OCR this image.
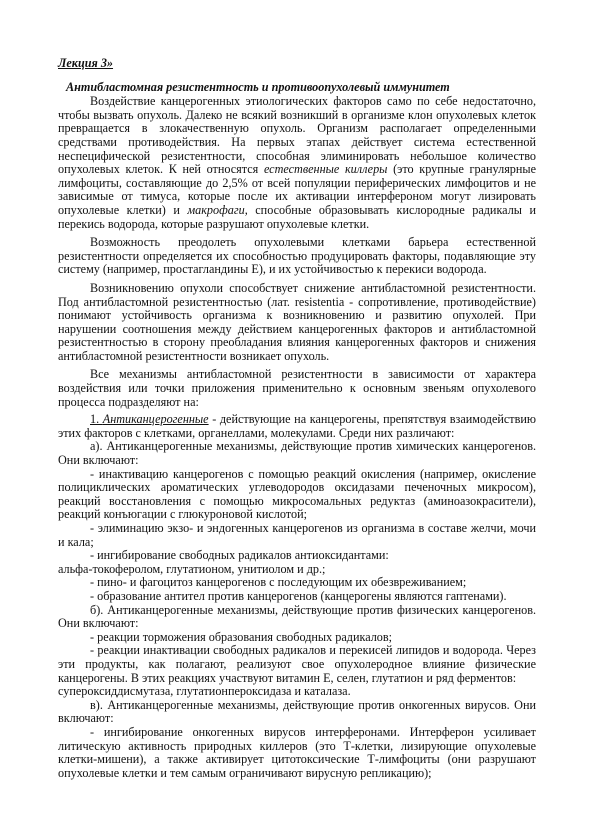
Лекция 3»
Антибластомная резистентность и противоопухолевый иммунитет

Воздействие канцерогенных этиологических факторов само по себе недостаточно, чтобы вызвать опухоль. Далеко не всякий возникший в организме клон опухолевых клеток превращается в злокачественную опухоль. Организм располагает определенными средствами противодействия. На первых этапах действует система естественной неспецифической резистентности, способная элиминировать небольшое количество опухолевых клеток. К ней относятся естественные киллеры (это крупные гранулярные лимфоциты, составляющие до 2,5% от всей популяции периферических лимфоцитов и не зависимые от тимуса, которые после их активации интерфероном могут лизировать опухолевые клетки) и макрофаги, способные образовывать кислородные радикалы и перекись водорода, которые разрушают опухолевые клетки.

Возможность преодолеть опухолевыми клетками барьера естественной резистентности определяется их способностью продуцировать факторы, подавляющие эту систему (например, простагландины Е), и их устойчивостью к перекиси водорода.

Возникновению опухоли способствует снижение антибластомной резистентности. Под антибластомной резистентностью (лат. resistentia - сопротивление, противодействие) понимают устойчивость организма к возникновению и развитию опухолей. При нарушении соотношения между действием канцерогенных факторов и антибластомной резистентностью в сторону преобладания влияния канцерогенных факторов и снижения антибластомной резистентности возникает опухоль.

Все механизмы антибластомной резистентности в зависимости от характера воздействия или точки приложения применительно к основным звеньям опухолевого процесса подразделяют на:

1. Антиканцерогенные - действующие на канцерогены, препятствуя взаимодействию этих факторов с клетками, органеллами, молекулами. Среди них различают:

а). Антиканцерогенные механизмы, действующие против химических канцерогенов. Они включают:

- инактивацию канцерогенов с помощью реакций окисления (например, окисление полициклических ароматических углеводородов оксидазами печеночных микросом), реакций восстановления с помощью микросомальных редуктаз (аминоазокрасители), реакций конъюгации с глюкуроновой кислотой;

- элиминацию экзо- и эндогенных канцерогенов из организма в составе желчи, мочи и кала;

- ингибирование свободных радикалов антиоксидантами:

альфа-токоферолом, глутатионом, унитиолом и др.;

- пино- и фагоцитоз канцерогенов с последующим их обезвреживанием;

- образование антител против канцерогенов (канцерогены являются гаптенами).

б). Антиканцерогенные механизмы, действующие против физических канцерогенов. Они включают:

- реакции торможения образования свободных радикалов;

- реакции инактивации свободных радикалов и перекисей липидов и водорода. Через эти продукты, как полагают, реализуют свое опухолеродное влияние физические канцерогены. В этих реакциях участвуют витамин Е, селен, глутатион и ряд ферментов:

супероксиддисмутаза, глутатионпероксидаза и каталаза.

в). Антиканцерогенные механизмы, действующие против онкогенных вирусов. Они включают:

- ингибирование онкогенных вирусов интерферонами. Интерферон усиливает литическую активность природных киллеров (это Т-клетки, лизирующие опухолевые клетки-мишени), а также активирует цитотоксические Т-лимфоциты (они разрушают опухолевые клетки и тем самым ограничивают вирусную репликацию);
